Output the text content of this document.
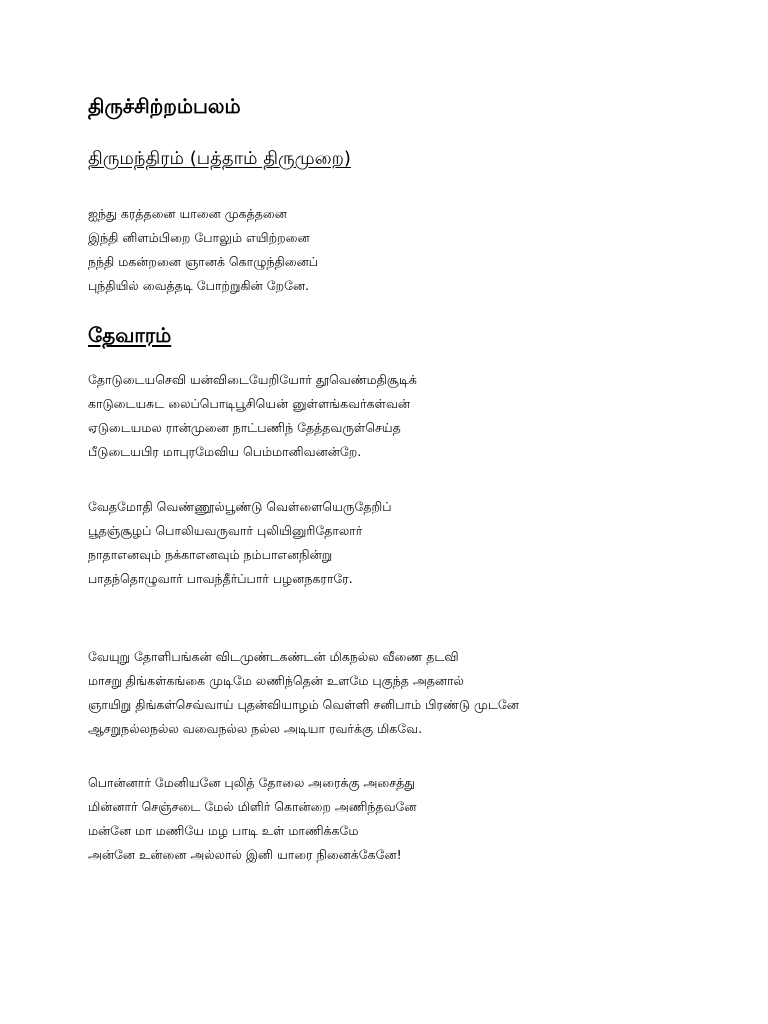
திருச்சிற்றம்பலம்
திருமந்திரம் (பத்தாம் திருமுறை)
ஐந்து கரத்தனை யானை முகத்தனை
இந்தி னிளம்பிறை போலும் எயிற்றனை
நந்தி மகன்றனை ஞானக் கொழுந்தினைப்
புந்தியில் வைத்தடி போற்றுகின் றேனே.
தேவாரம்
தோடுடையசெவி யன்விடையேறியோர் தூவெண்மதிசூடிக்
காடுடையசுட லைப்பொடிபூசியென் னுள்ளங்கவர்கள்வன்
ஏடுடையமல ரான்முனை நாட்பணிந் தேத்தவருள்செய்த
பீடுடையபிர மாபுரமேவிய பெம்மானிவனன்றே.
வேதமோதி வெண்ணூல்பூண்டு வெள்ளையெருதேறிப்
பூதஞ்சூழப் பொலியவருவார் புலியினுரிதோலார்
நாதாஎனவும் நக்காஎனவும் நம்பாஎனநின்று
பாதந்தொழுவார் பாவந்தீர்ப்பார் பழனநகராரே.
வேயுறு தோளிபங்கன் விடமுண்டகண்டன் மிகநல்ல வீணை தடவி
மாசறு திங்கள்கங்கை முடிமே லணிந்தென் உளமே புகுந்த அதனால்
ஞாயிறு திங்கள்செவ்வாய் புதன்வியாழம் வெள்ளி சனிபாம் பிரண்டு முடனே
ஆசறுநல்லநல்ல வவைநல்ல நல்ல அடியா ரவர்க்கு மிகவே.
பொன்னார் மேனியனே புலித் தோலை அரைக்கு அசைத்து
மின்னார் செஞ்சடை மேல் மிளிர் கொன்றை அணிந்தவனே
மன்னே மா மணியே மழ பாடி உள் மாணிக்கமே
அன்னே உன்னை அல்லால் இனி யாரை நினைக்கேனே!
